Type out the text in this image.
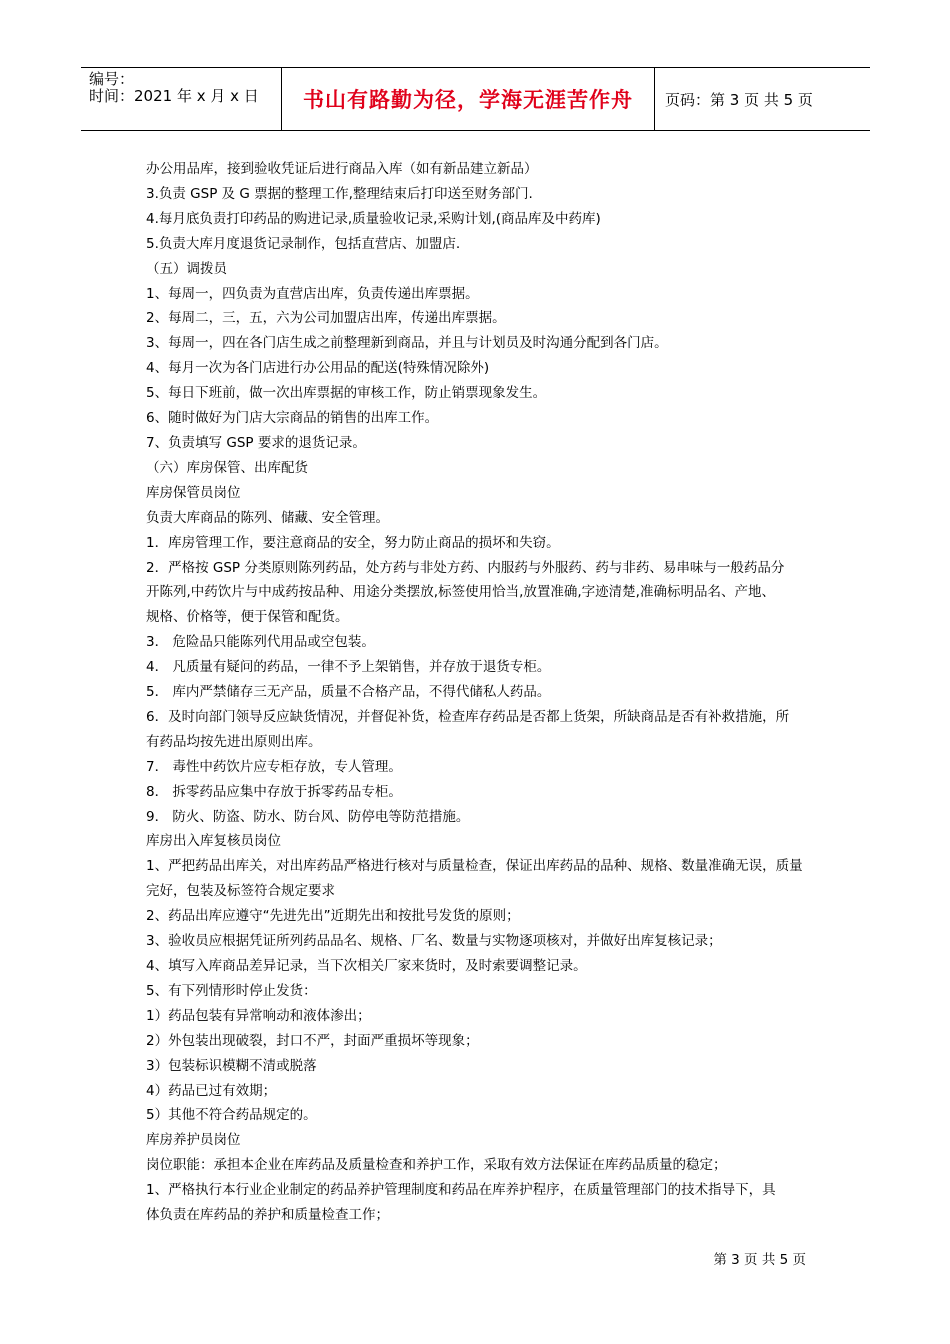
编号：
时间：2021 年 x 月 x 日	书山有路勤为径，学海无涯苦作舟	页码：第 3 页 共 5 页
办公用品库，接到验收凭证后进行商品入库（如有新品建立新品）
3.负责 GSP 及 G 票据的整理工作,整理结束后打印送至财务部门.
4.每月底负责打印药品的购进记录,质量验收记录,采购计划,(商品库及中药库)
5.负责大库月度退货记录制作，包括直营店、加盟店.
（五）调拨员
1、每周一，四负责为直营店出库，负责传递出库票据。
2、每周二，三，五，六为公司加盟店出库，传递出库票据。
3、每周一，四在各门店生成之前整理新到商品，并且与计划员及时沟通分配到各门店。
4、每月一次为各门店进行办公用品的配送(特殊情况除外)
5、每日下班前，做一次出库票据的审核工作，防止销票现象发生。
6、随时做好为门店大宗商品的销售的出库工作。
7、负责填写 GSP 要求的退货记录。
（六）库房保管、出库配货
库房保管员岗位
负责大库商品的陈列、储藏、安全管理。
1．库房管理工作，要注意商品的安全，努力防止商品的损坏和失窃。
2．严格按 GSP 分类原则陈列药品，处方药与非处方药、内服药与外服药、药与非药、易串味与一般药品分
开陈列,中药饮片与中成药按品种、用途分类摆放,标签使用恰当,放置准确,字迹清楚,准确标明品名、产地、
规格、价格等，便于保管和配货。
3． 危险品只能陈列代用品或空包装。
4． 凡质量有疑问的药品，一律不予上架销售，并存放于退货专柜。
5． 库内严禁储存三无产品，质量不合格产品，不得代储私人药品。
6．及时向部门领导反应缺货情况，并督促补货，检查库存药品是否都上货架，所缺商品是否有补救措施，所
有药品均按先进出原则出库。
7． 毒性中药饮片应专柜存放，专人管理。
8． 拆零药品应集中存放于拆零药品专柜。
9． 防火、防盗、防水、防台风、防停电等防范措施。
库房出入库复核员岗位
1、严把药品出库关，对出库药品严格进行核对与质量检查，保证出库药品的品种、规格、数量准确无误，质量
完好，包装及标签符合规定要求
2、药品出库应遵守“先进先出”近期先出和按批号发货的原则；
3、验收员应根据凭证所列药品品名、规格、厂名、数量与实物逐项核对，并做好出库复核记录；
4、填写入库商品差异记录，当下次相关厂家来货时，及时索要调整记录。
5、有下列情形时停止发货：
1）药品包装有异常响动和液体渗出；
2）外包装出现破裂，封口不严，封面严重损坏等现象；
3）包装标识模糊不清或脱落
4）药品已过有效期；
5）其他不符合药品规定的。
库房养护员岗位
岗位职能：承担本企业在库药品及质量检查和养护工作，采取有效方法保证在库药品质量的稳定；
1、严格执行本行业企业制定的药品养护管理制度和药品在库养护程序，在质量管理部门的技术指导下，具
体负责在库药品的养护和质量检查工作；
第 3 页 共 5 页
